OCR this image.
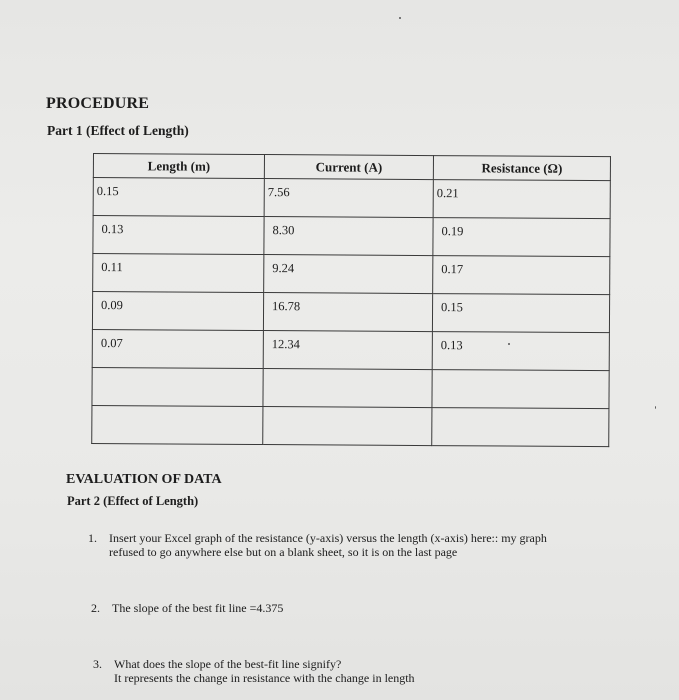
PROCEDURE
Part 1 (Effect of Length)
Length (m)	Current (A)	Resistance (Ω)

0.15	7.56	0.21

0.13	8.30	0.19

0.11	9.24	0.17

0.09	16.78	0.15

0.07	12.34	0.13

EVALUATION OF DATA
Part 2 (Effect of Length)
1. Insert your Excel graph of the resistance (y-axis) versus the length (x-axis) here:: my graph
refused to go anywhere else but on a blank sheet, so it is on the last page
2. The slope of the best fit line =4.375
3. What does the slope of the best-fit line signify?
It represents the change in resistance with the change in length
